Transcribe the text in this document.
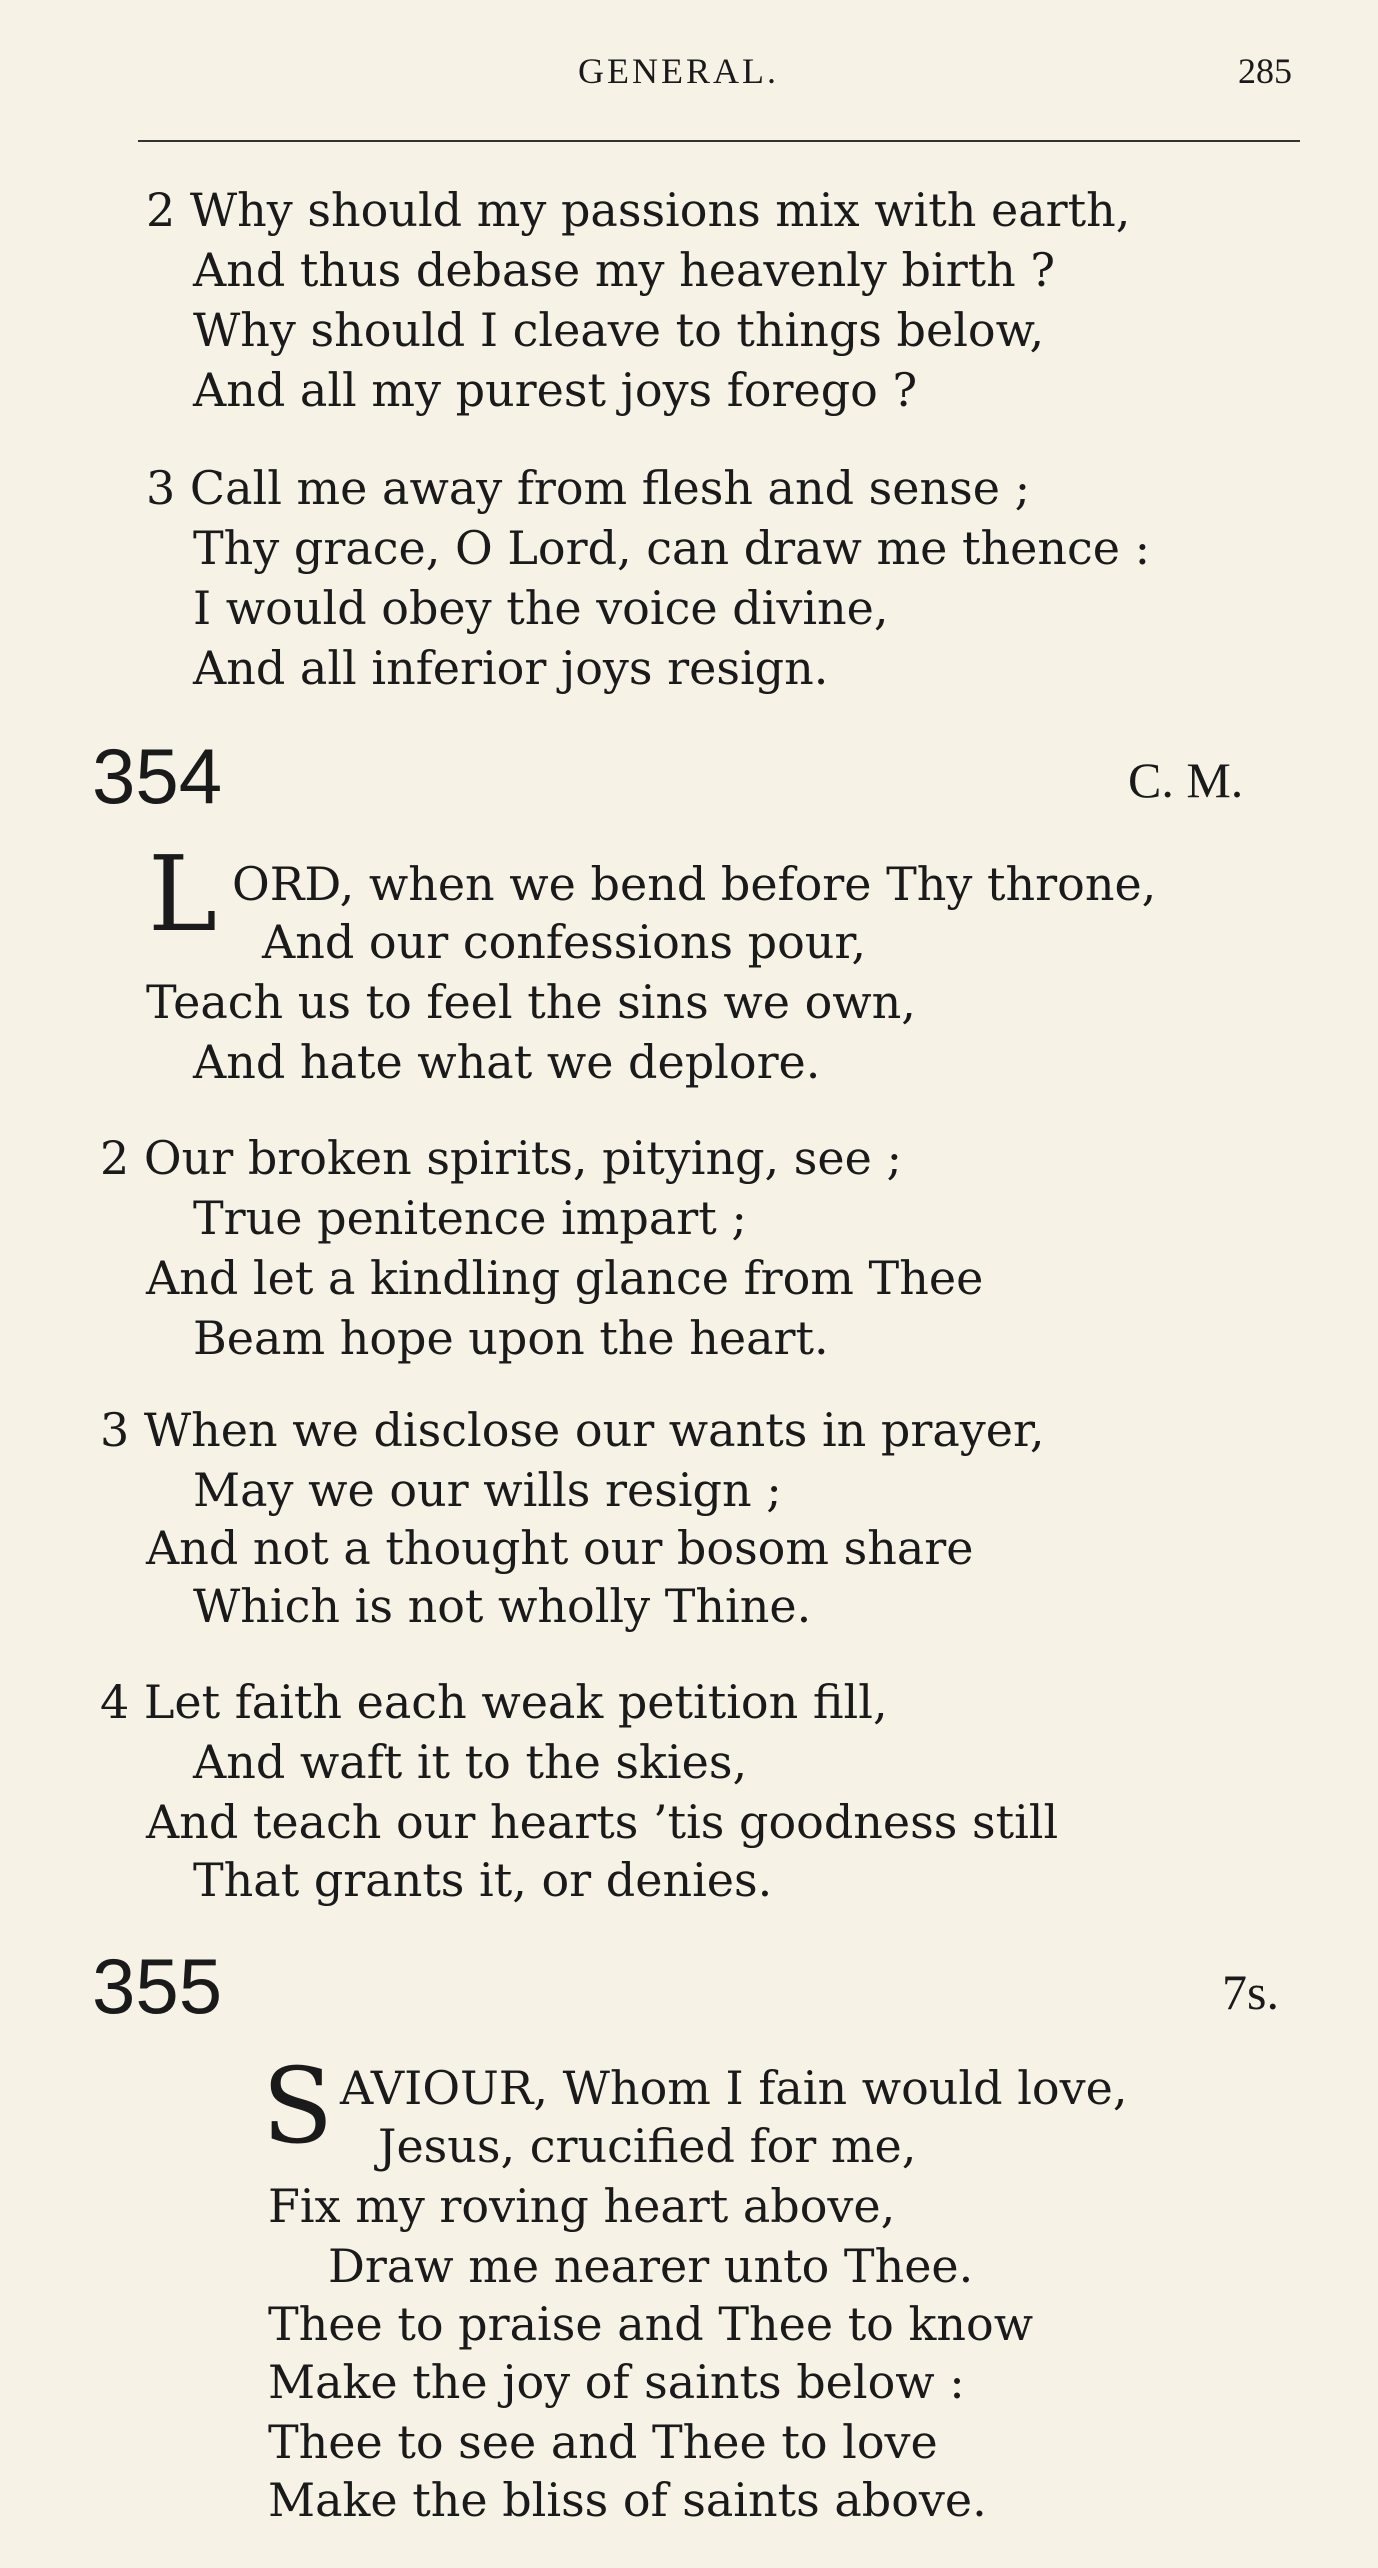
GENERAL.	285
2 Why should my passions mix with earth,
And thus debase my heavenly birth ?
Why should I cleave to things below,
And all my purest joys forego ?
3 Call me away from flesh and sense ;
Thy grace, O Lord, can draw me thence :
I would obey the voice divine,
And all inferior joys resign.
354	C. M.
L ORD, when we bend before Thy throne,
And our confessions pour,
Teach us to feel the sins we own,
And hate what we deplore.
2 Our broken spirits, pitying, see ;
True penitence impart ;
And let a kindling glance from Thee
Beam hope upon the heart.
3 When we disclose our wants in prayer,
May we our wills resign ;
And not a thought our bosom share
Which is not wholly Thine.
4 Let faith each weak petition fill,
And waft it to the skies,
And teach our hearts ’tis goodness still
That grants it, or denies.
355	7s.
S AVIOUR, Whom I fain would love,
Jesus, crucified for me,
Fix my roving heart above,
Draw me nearer unto Thee.
Thee to praise and Thee to know
Make the joy of saints below :
Thee to see and Thee to love
Make the bliss of saints above.
